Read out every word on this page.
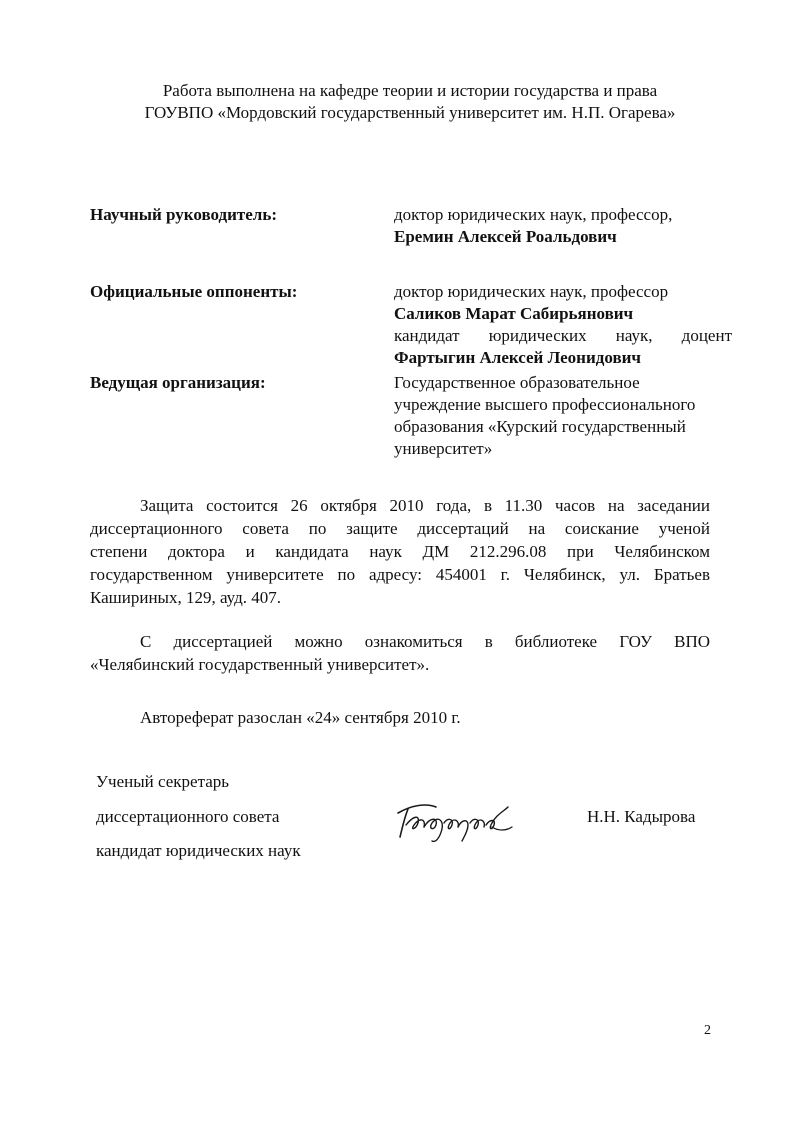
Работа выполнена на кафедре теории и истории государства и права
ГОУВПО «Мордовский государственный университет им. Н.П. Огарева»
Научный руководитель:	доктор юридических наук, профессор,
Еремин Алексей Роальдович
Официальные оппоненты:	доктор юридических наук, профессор
Саликов Марат Сабирьянович
кандидат юридических наук, доцент
Фартыгин Алексей Леонидович
Ведущая организация:	Государственное образовательное
учреждение высшего профессионального
образования «Курский государственный
университет»
Защита состоится 26 октября 2010 года, в 11.30 часов на заседании
диссертационного совета по защите диссертаций на соискание ученой
степени доктора и кандидата наук ДМ 212.296.08 при Челябинском
государственном университете по адресу: 454001 г. Челябинск, ул. Братьев
Кашириных, 129, ауд. 407.
С диссертацией можно ознакомиться в библиотеке ГОУ ВПО
«Челябинский государственный университет».
Автореферат разослан «24» сентября 2010 г.
Ученый секретарь
диссертационного совета
кандидат юридических наук
Н.Н. Кадырова
2
